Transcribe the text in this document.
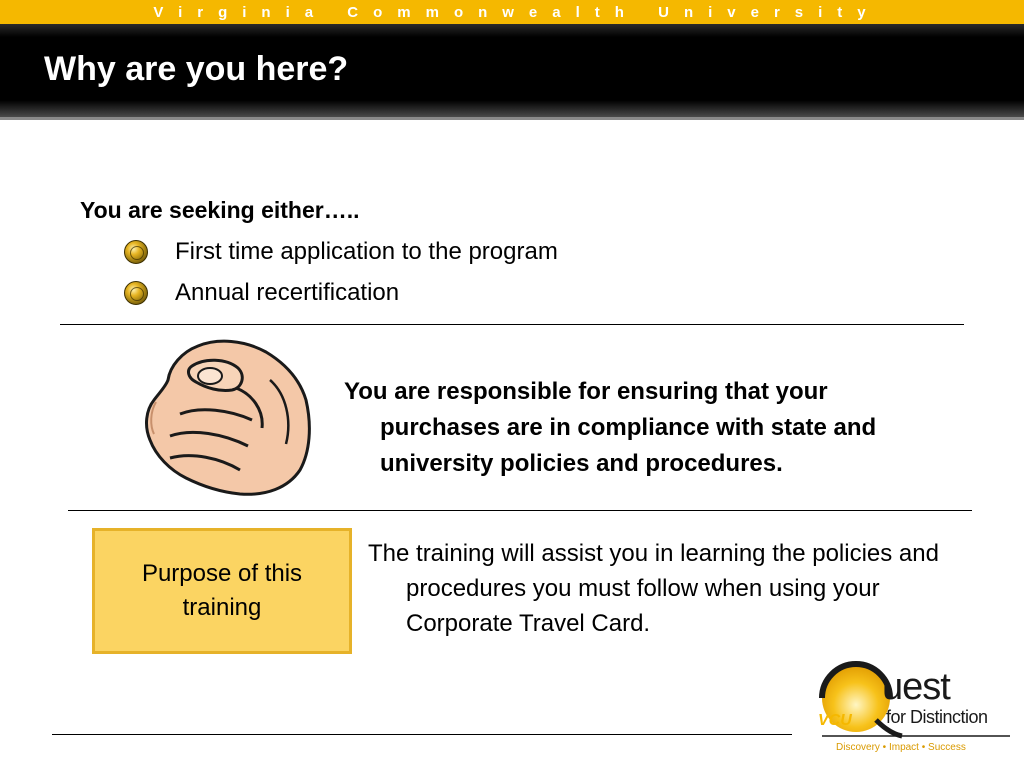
Virginia Commonwealth University
Why are you here?
You are seeking either…..
First time application to the program
Annual recertification
You are responsible for ensuring that your purchases are in compliance with state and university policies and procedures.
Purpose of this training
The training will assist you in learning the policies and procedures you must follow when using your Corporate Travel Card.
uest
for Distinction
VCU
Discovery • Impact • Success
